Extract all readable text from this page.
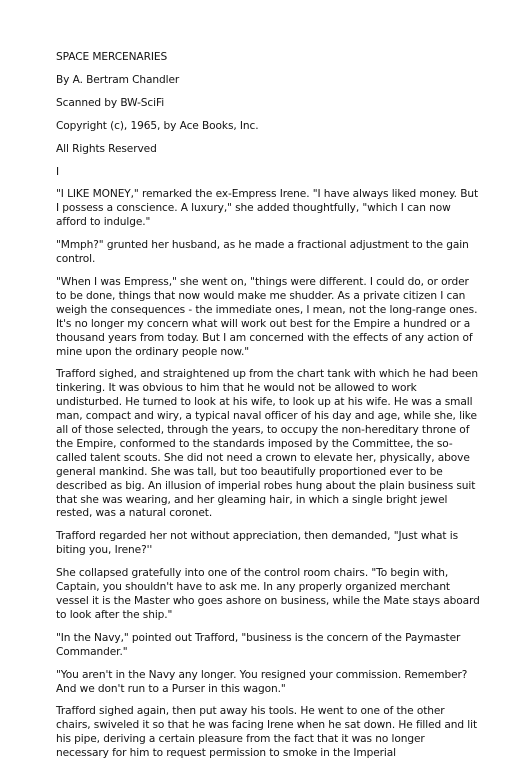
SPACE MERCENARIES

By A. Bertram Chandler

Scanned by BW-SciFi

Copyright (c), 1965, by Ace Books, Inc.

All Rights Reserved

I

"I LIKE MONEY," remarked the ex-Empress Irene. "I have always liked money. But I possess a conscience. A luxury," she added thoughtfully, "which I can now afford to indulge."

"Mmph?" grunted her husband, as he made a fractional adjustment to the gain control.

"When I was Empress," she went on, "things were different. I could do, or order to be done, things that now would make me shudder. As a private citizen I can weigh the consequences - the immediate ones, I mean, not the long-range ones. It's no longer my concern what will work out best for the Empire a hundred or a thousand years from today. But I am concerned with the effects of any action of mine upon the ordinary people now."

Trafford sighed, and straightened up from the chart tank with which he had been tinkering. It was obvious to him that he would not be allowed to work undisturbed. He turned to look at his wife, to look up at his wife. He was a small man, compact and wiry, a typical naval officer of his day and age, while she, like all of those selected, through the years, to occupy the non-hereditary throne of the Empire, conformed to the standards imposed by the Committee, the so-called talent scouts. She did not need a crown to elevate her, physically, above general mankind. She was tall, but too beautifully proportioned ever to be described as big. An illusion of imperial robes hung about the plain business suit that she was wearing, and her gleaming hair, in which a single bright jewel rested, was a natural coronet.

Trafford regarded her not without appreciation, then demanded, "Just what is biting you, Irene?''

She collapsed gratefully into one of the control room chairs. "To begin with, Captain, you shouldn't have to ask me. In any properly organized merchant vessel it is the Master who goes ashore on business, while the Mate stays aboard to look after the ship."

"In the Navy," pointed out Trafford, "business is the concern of the Paymaster Commander."

"You aren't in the Navy any longer. You resigned your commission. Remember? And we don't run to a Purser in this wagon."

Trafford sighed again, then put away his tools. He went to one of the other chairs, swiveled it so that he was facing Irene when he sat down. He filled and lit his pipe, deriving a certain pleasure from the fact that it was no longer necessary for him to request permission to smoke in the Imperial
